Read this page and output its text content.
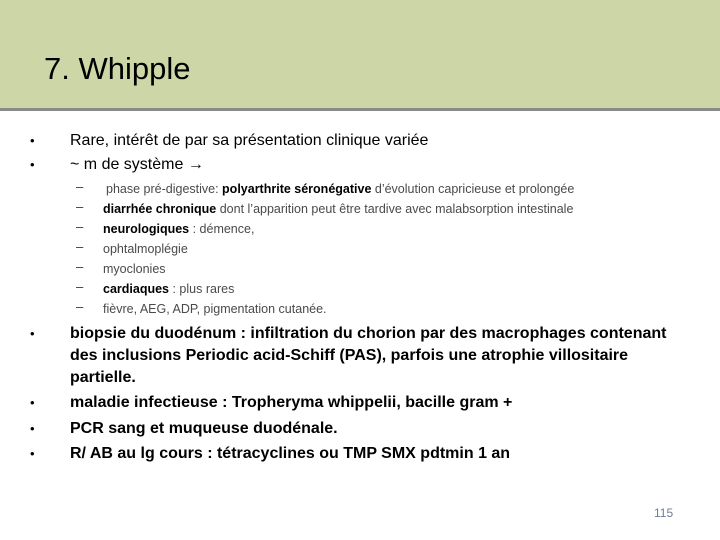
7. Whipple
• Rare, intérêt de par sa présentation clinique variée
• ~ m de système →
– phase pré-digestive: polyarthrite séronégative d’évolution capricieuse et prolongée
– diarrhée chronique dont l’apparition peut être tardive avec malabsorption intestinale
– neurologiques : démence,
– ophtalmoplégie
– myoclonies
– cardiaques : plus rares
– fièvre, AEG, ADP, pigmentation cutanée.
• biopsie du duodénum : infiltration du chorion par des macrophages contenant
des inclusions Periodic acid-Schiff (PAS), parfois une atrophie villositaire
partielle.
• maladie infectieuse : Tropheryma whippelii, bacille gram +
• PCR sang et muqueuse duodénale.
• R/ AB au lg cours : tétracyclines ou TMP SMX pdtmin 1 an
115
